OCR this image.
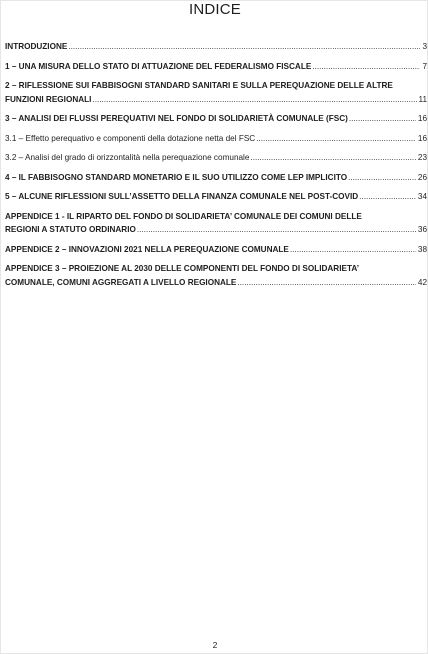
INDICE
INTRODUZIONE .....	3
1 – UNA MISURA DELLO STATO DI ATTUAZIONE DEL FEDERALISMO FISCALE .....	7
2 – RIFLESSIONE SUI FABBISOGNI STANDARD SANITARI E SULLA PEREQUAZIONE DELLE ALTRE
FUNZIONI REGIONALI .....	11
3 – ANALISI DEI FLUSSI PEREQUATIVI NEL FONDO DI SOLIDARIETÀ COMUNALE (FSC) .....	16
3.1 – Effetto perequativo e componenti della dotazione netta del FSC .....	16
3.2 – Analisi del grado di orizzontalità nella perequazione comunale .....	23
4 – IL FABBISOGNO STANDARD MONETARIO E IL SUO UTILIZZO COME LEP IMPLICITO .....	26
5 – ALCUNE RIFLESSIONI SULL’ASSETTO DELLA FINANZA COMUNALE NEL POST-COVID .....	34
APPENDICE 1 - IL RIPARTO DEL FONDO DI SOLIDARIETA’ COMUNALE DEI COMUNI DELLE
REGIONI A STATUTO ORDINARIO .....	36
APPENDICE 2 – INNOVAZIONI 2021 NELLA PEREQUAZIONE COMUNALE .....	38
APPENDICE 3 – PROIEZIONE AL 2030 DELLE COMPONENTI DEL FONDO DI SOLIDARIETA’
COMUNALE, COMUNI AGGREGATI A LIVELLO REGIONALE .....	42
2
